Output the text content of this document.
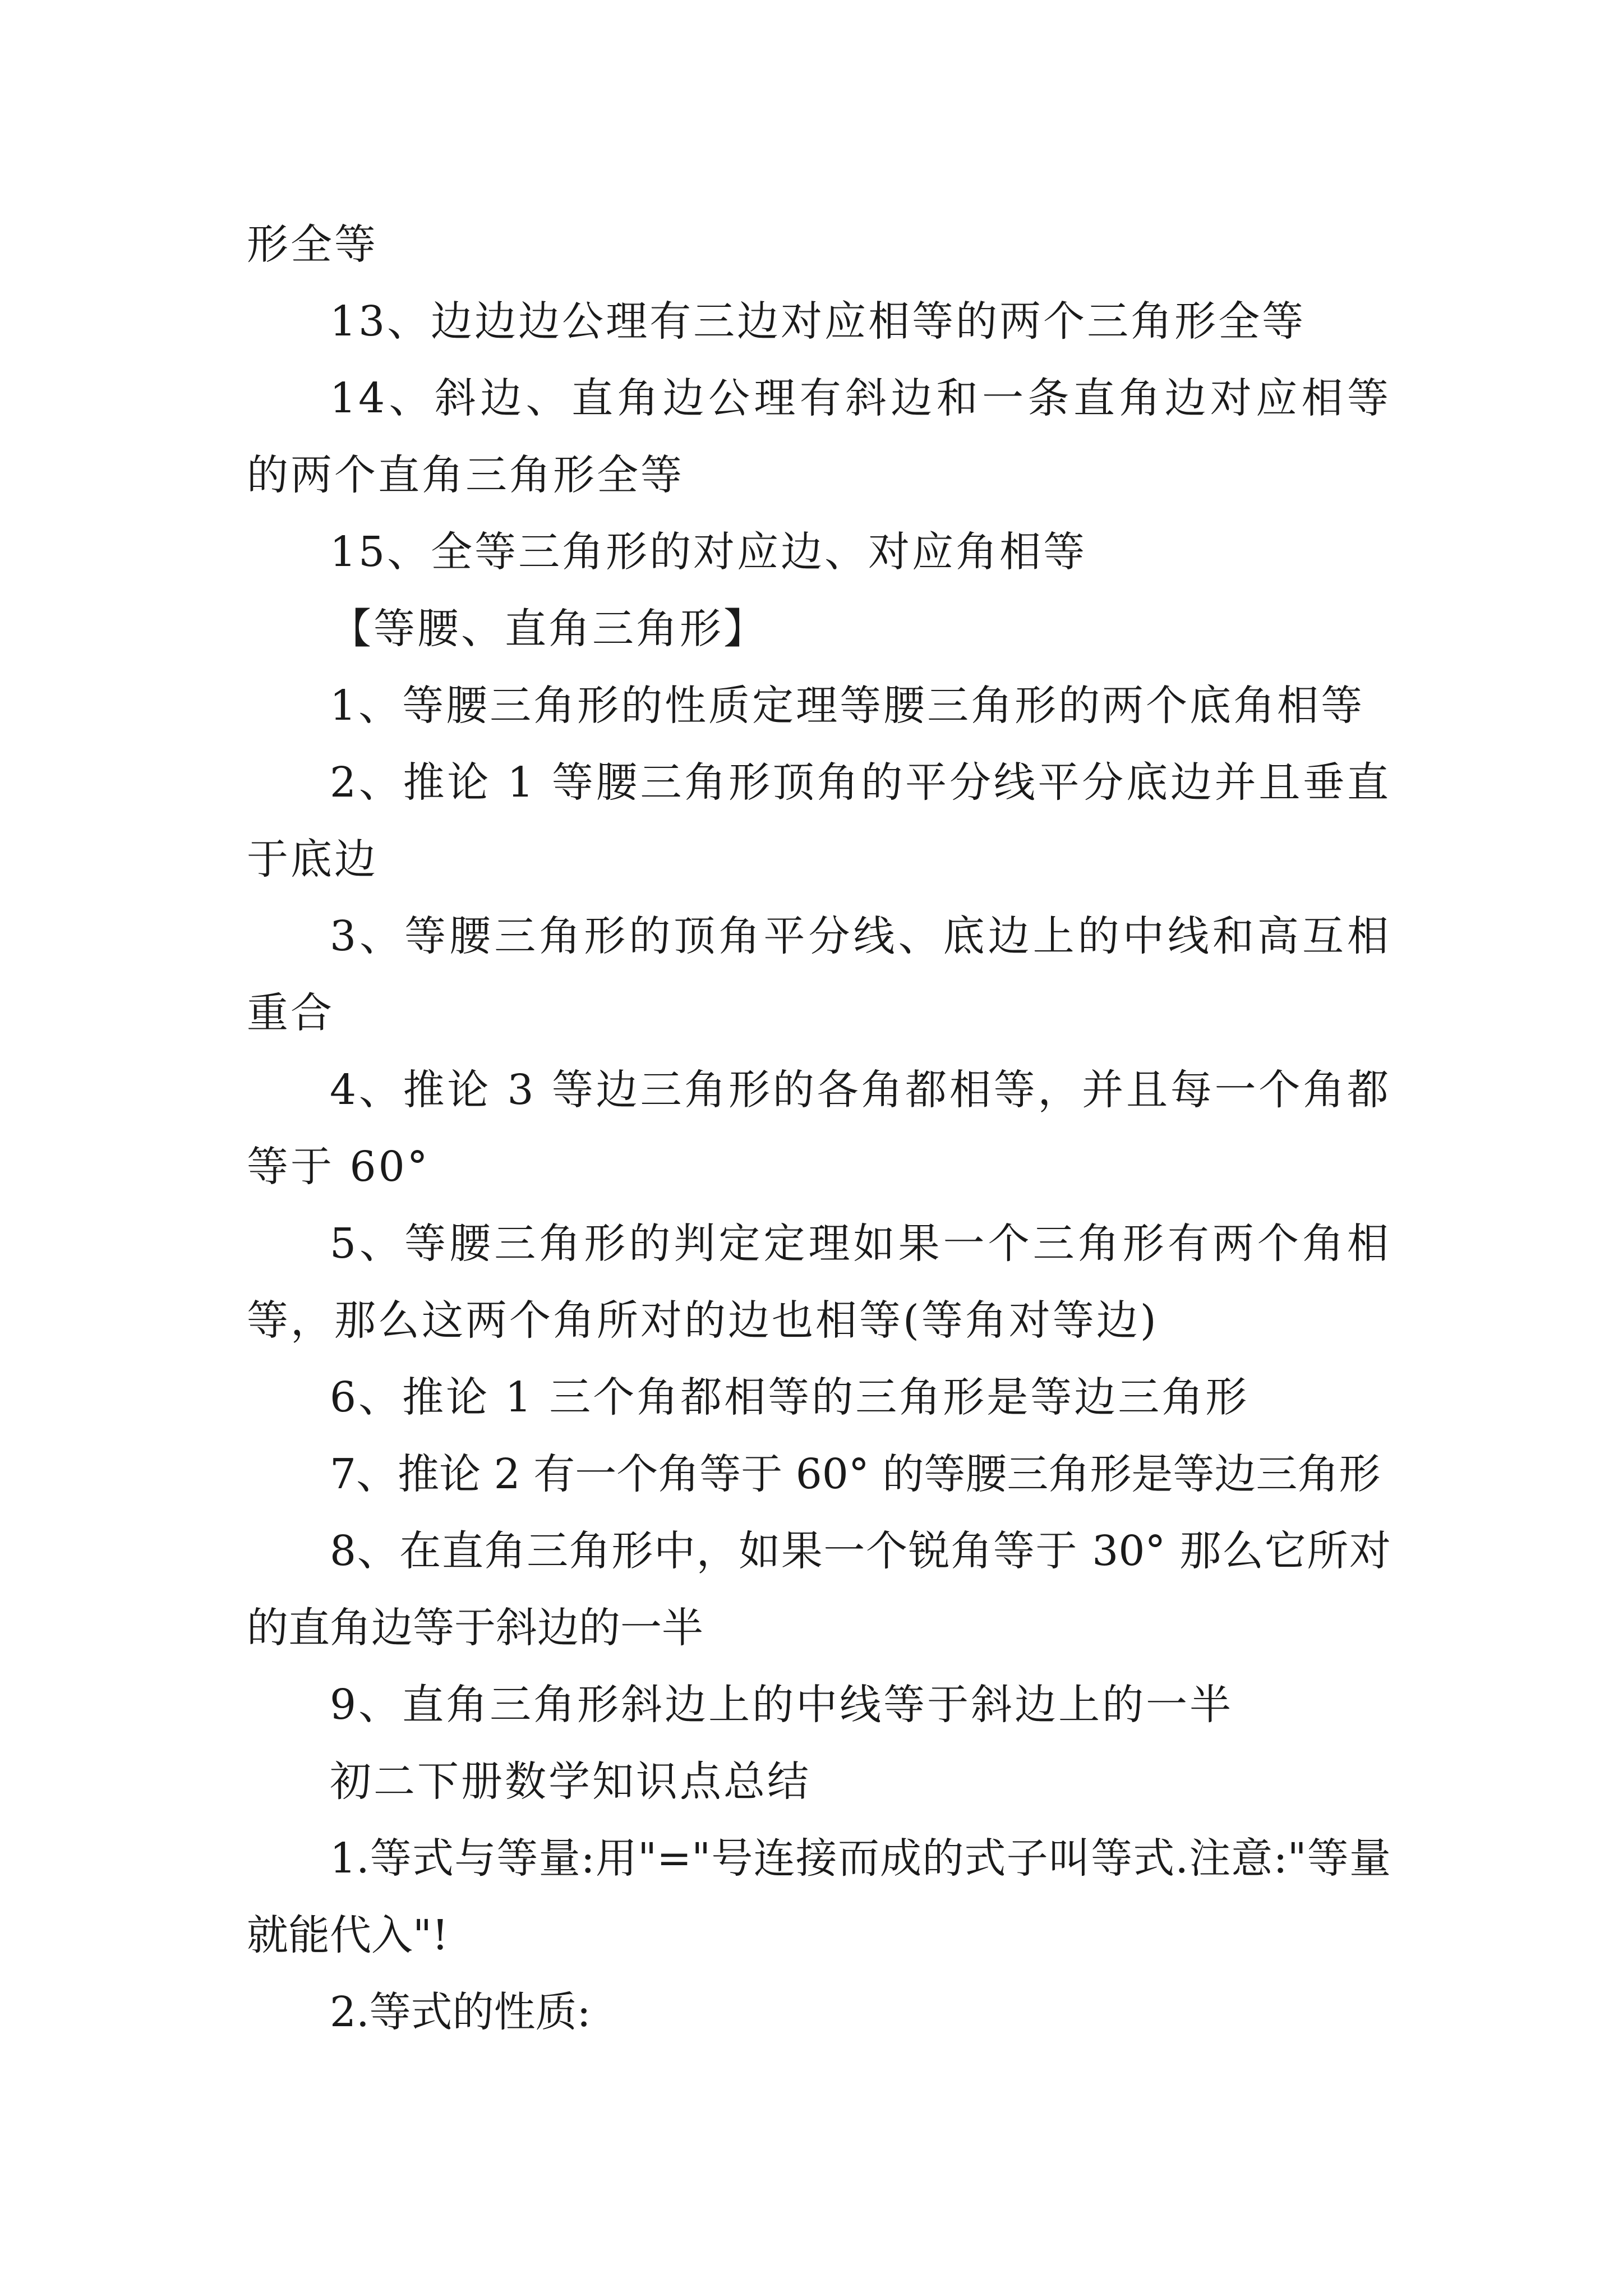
形全等

13、边边边公理有三边对应相等的两个三角形全等

14、斜边、直角边公理有斜边和一条直角边对应相等的两个直角三角形全等

15、全等三角形的对应边、对应角相等

【等腰、直角三角形】

1、等腰三角形的性质定理等腰三角形的两个底角相等

2、推论 1 等腰三角形顶角的平分线平分底边并且垂直于底边

3、等腰三角形的顶角平分线、底边上的中线和高互相重合

4、推论 3 等边三角形的各角都相等，并且每一个角都等于 60°

5、等腰三角形的判定定理如果一个三角形有两个角相等，那么这两个角所对的边也相等(等角对等边)

6、推论 1 三个角都相等的三角形是等边三角形

7、推论 2 有一个角等于 60° 的等腰三角形是等边三角形

8、在直角三角形中，如果一个锐角等于 30° 那么它所对的直角边等于斜边的一半

9、直角三角形斜边上的中线等于斜边上的一半

初二下册数学知识点总结

1.等式与等量:用"="号连接而成的式子叫等式.注意:"等量就能代入"!

2.等式的性质:
